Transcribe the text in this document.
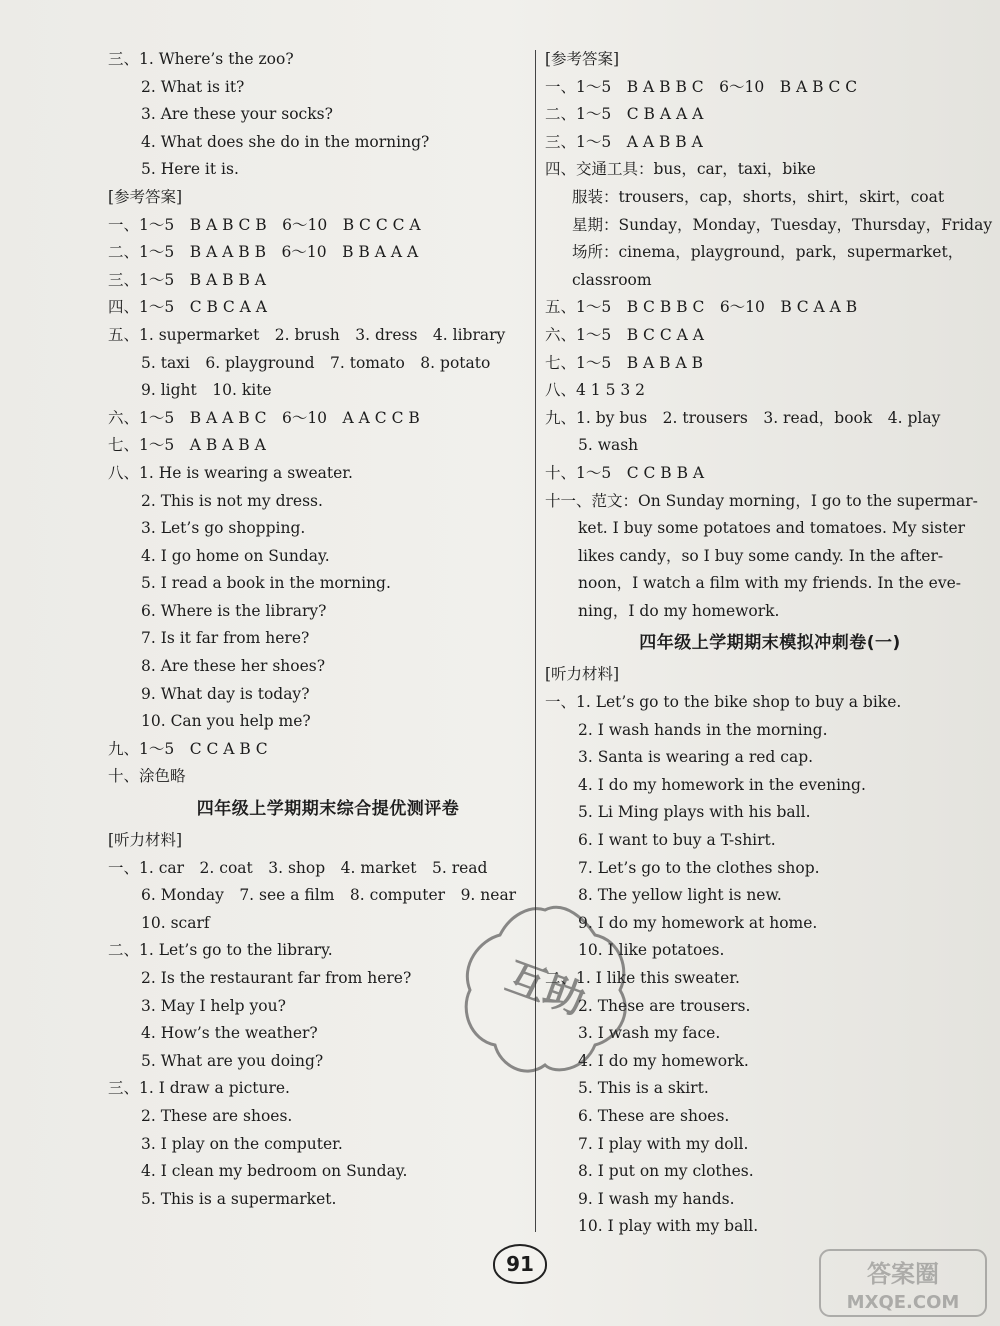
三、1. Where’s the zoo?
2. What is it?
3. Are these your socks?
4. What does she do in the morning?
5. Here it is.
[参考答案]
一、1～5　B A B C B　6～10　B C C C A
二、1～5　B A A B B　6～10　B B A A A
三、1～5　B A B B A
四、1～5　C B C A A
五、1. supermarket　2. brush　3. dress　4. library
5. taxi　6. playground　7. tomato　8. potato
9. light　10. kite
六、1～5　B A A B C　6～10　A A C C B
七、1～5　A B A B A
八、1. He is wearing a sweater.
2. This is not my dress.
3. Let’s go shopping.
4. I go home on Sunday.
5. I read a book in the morning.
6. Where is the library?
7. Is it far from here?
8. Are these her shoes?
9. What day is today?
10. Can you help me?
九、1～5　C C A B C
十、涂色略
四年级上学期期末综合提优测评卷
[听力材料]
一、1. car　2. coat　3. shop　4. market　5. read
6. Monday　7. see a film　8. computer　9. near
10. scarf
二、1. Let’s go to the library.
2. Is the restaurant far from here?
3. May I help you?
4. How’s the weather?
5. What are you doing?
三、1. I draw a picture.
2. These are shoes.
3. I play on the computer.
4. I clean my bedroom on Sunday.
5. This is a supermarket.
[参考答案]
一、1～5　B A B B C　6～10　B A B C C
二、1～5　C B A A A
三、1～5　A A B B A
四、交通工具：bus，car，taxi，bike
服装：trousers，cap，shorts，shirt，skirt，coat
星期：Sunday，Monday，Tuesday，Thursday，Friday
场所：cinema，playground，park，supermarket，
classroom
五、1～5　B C B B C　6～10　B C A A B
六、1～5　B C C A A
七、1～5　B A B A B
八、4 1 5 3 2
九、1. by bus　2. trousers　3. read，book　4. play
5. wash
十、1～5　C C B B A
十一、范文：On Sunday morning，I go to the supermar-
ket. I buy some potatoes and tomatoes. My sister
likes candy，so I buy some candy. In the after-
noon，I watch a film with my friends. In the eve-
ning，I do my homework.
四年级上学期期末模拟冲刺卷(一)
[听力材料]
一、1. Let’s go to the bike shop to buy a bike.
2. I wash hands in the morning.
3. Santa is wearing a red cap.
4. I do my homework in the evening.
5. Li Ming plays with his ball.
6. I want to buy a T-shirt.
7. Let’s go to the clothes shop.
8. The yellow light is new.
9. I do my homework at home.
10. I like potatoes.
二、1. I like this sweater.
2. These are trousers.
3. I wash my face.
4. I do my homework.
5. This is a skirt.
6. These are shoes.
7. I play with my doll.
8. I put on my clothes.
9. I wash my hands.
10. I play with my ball.
互助
91	答案圈
MXQE.COM
